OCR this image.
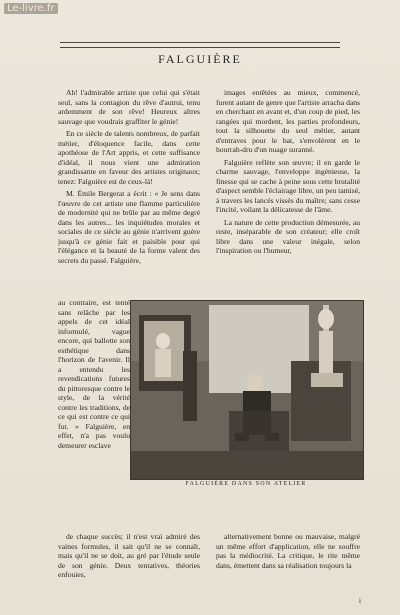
Le-livre.fr
FALGUIÈRE

Ah! l'admirable artiste que celui qui s'était seul, sans la contagion du rêve d'autrui, tenu ardemment de son rêve! Heureux aîtres sauvage que voudrais graffiter le génie!

En ce siècle de talents nombreux, de parfait métier, d'éloquence facile, dans cette apothéose de l'Art appris, et cette suffisance d'idéal, il nous vient une admiration grandissante en faveur des artistes originaux; tenez: Falguière est de ceux-là!

M. Émile Bergerat a écrit : « Je sens dans l'œuvre de cet artiste une flamme particulière de modernité qui ne brûle par au même degré dans les autres... les inquiétudes morales et sociales de ce siècle au génie n'arrivent guère jusqu'à ce génie fait et paisible pour qui l'élégance et la beauté de la forme valent des secrets du passé. Falguière,

images entêtées au mieux, commencé, furent autant de genre que l'artiste arracha dans en cherchant en avant et, d'un coup de pied, les rangées qui mordent, les parties profondeurs, tout la silhouette du seul métier, autant d'entraves pour le bat, s'envolèrent en le hourrah-dru d'un nuage suranné.

Falguière reflète son œuvre; il en garde le charme sauvage, l'enveloppe ingénieuse, la finesse qui se cache à peine sous cette brutalité d'aspect semble l'éclairage libre, un peu tamisé, à travers les lancés vissés du maître; sans cesse l'incité, voilant la délicatesse de l'âme.

La nature de cette production démesurée, au reste, inséparable de son créateur; elle croît libre dans une valeur inégale, selon l'inspiration ou l'humeur,

au contraire, est tenté sans relâche par les appels de cet idéal informulé, vague encore, qui ballotte son esthétique dans l'horizon de l'avenir. Il a entendu les revendications futures du pittoresque contre le style, de la vérité contre les traditions, de ce qui est contre ce qui fut. » Falguière, en effet, n'a pas voulu demeurer esclave

FALGUIÈRE DANS SON ATELIER

de chaque succès; il n'est vrai admiré des vaines formules, il sait qu'il ne se connaît, mais qu'il ne se doit, au gré par l'étude seule de son génie. Deux tentatives, théories enfouies,

alternativement bonne ou mauvaise, malgré un même effort d'application, elle ne souffre pas la médiocrité. La critique, le rite même dans, émettent dans sa réalisation toujours la

i
